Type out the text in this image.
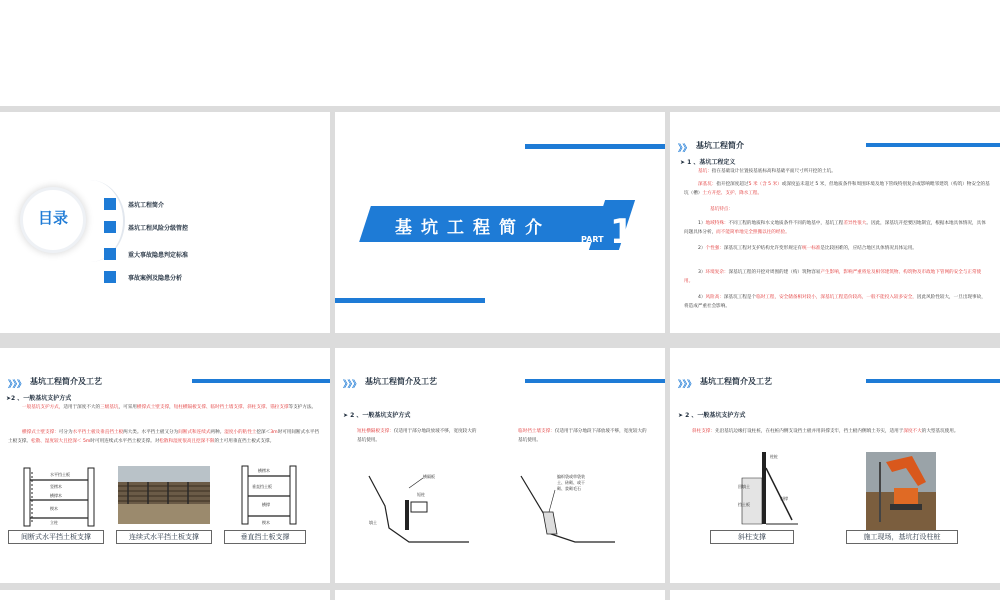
目录
基坑工程简介
基坑工程风险分级管控
重大事故隐患判定标准
事故案例及隐患分析
基坑工程简介
PART 1
》》 基坑工程简介
➤ 1 、基坑工程定义
基坑：指在基础设计位置按基底标高和基础平面尺寸所开挖的土坑。
深基坑：指开挖深度超过5 米（含 5 米）或深度虽未超过 5 米，但地质条件和周围环境及地下管线特别复杂或影响毗邻建筑（构筑）物安全的基坑（槽）土方开挖、支护、降水工程。
基坑特点：
1）地域特殊：不同工程的地质和水文地质条件不同的地基中，基坑工程差异性很大。因此，深基坑开挖要因地制宜，根据本地具体情况，具体问题具体分析，而不能简单地完全照搬以往的经验。
2）个性强：深基坑工程对支护结构允许变形规定有统一标准是比较困难的，应结合地区具体情况具体运用。
3）环境复杂：深基坑工程的开挖对周围的建（构）筑物容易产生影响，影响严重将危及相邻建筑物、构筑物及市政地下管网的安全与正常使用。
4）风险高：深基坑工程是个临时工程，安全储备相对较小，深基坑工程造价较高，一般不能投入较多安全，因此风险性较大，一旦出现事故，将造成严重社会影响。
》》》 基坑工程简介及工艺
➤2 、一般基坑支护方式
一般基坑支护方式，适用于深度不大的三级基坑，可采用横撑式土壁支撑，短柱横隔板支撑、临时挡土墙支撑、斜柱支撑、锚拉支撑等支护方法。
横撑式土壁支撑：可分为水平挡土板及垂直挡土板两大类。水平挡土板又分为间断式和连续式两种。湿度小的粘性土挖深＜3m时可用间断式水平挡土板支撑。松散、湿度较大且挖深＜ 5m时可用连续式水平挡土板支撑。对松散和湿度很高且挖深不限的土可用垂直挡土板式支撑。
水平挡土板
竖楞木
横撑木
楔木
立柱
横楞木
垂直挡土板
横撑
楔木
间断式水平挡土板支撑	连续式水平挡土板支撑	垂直挡土板支撑
》》》 基坑工程简介及工艺
➤ 2 、一般基坑支护方式
短柱横隔板支撑：仅适用于部分地段放坡不够，宽度较大的基坑使用。
临时挡土墙支撑：仅适用于部分地段下部放坡不够，宽度较大的基坑使用。
横隔板
短柱
填土
编织袋或草袋装
土、砖砌、或干
砌、浆砌毛石
》》》 基坑工程简介及工艺
➤ 2 、一般基坑支护方式
斜柱支撑：先沿基坑边缘打设柱桩，在柱桩内侧支设挡土板并用斜撑支牢，挡土板内侧填土夯实，适用于深度不大的大型基坑使用。
柱桩
回填土
挡土板
斜撑
斜柱支撑	施工现场，基坑打设柱桩
